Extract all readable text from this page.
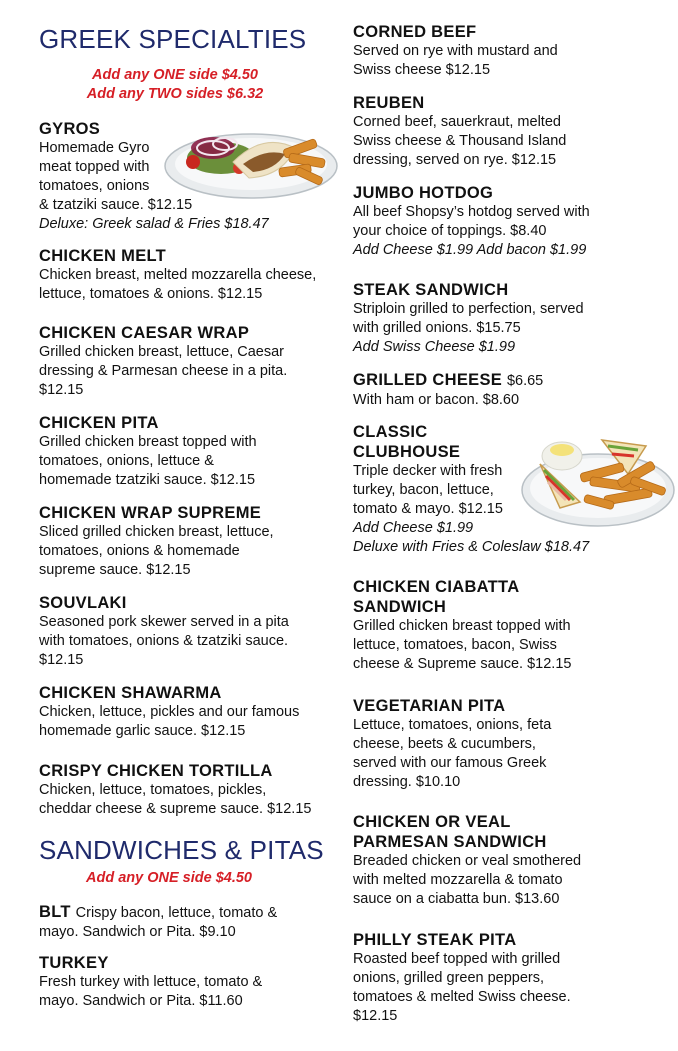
GREEK SPECIALTIES
Add any ONE side $4.50
Add any TWO sides $6.32
GYROS
Homemade Gyro
meat topped with
tomatoes, onions
& tzatziki sauce. $12.15
Deluxe: Greek salad & Fries $18.47
CHICKEN MELT
Chicken breast, melted mozzarella cheese,
lettuce, tomatoes & onions. $12.15
CHICKEN CAESAR WRAP
Grilled chicken breast, lettuce, Caesar
dressing & Parmesan cheese in a pita.
$12.15
CHICKEN PITA
Grilled chicken breast topped with
tomatoes, onions, lettuce &
homemade tzatziki sauce. $12.15
CHICKEN WRAP SUPREME
Sliced grilled chicken breast, lettuce,
tomatoes, onions & homemade
supreme sauce. $12.15
SOUVLAKI
Seasoned pork skewer served in a pita
with tomatoes, onions & tzatziki sauce.
$12.15
CHICKEN SHAWARMA
Chicken, lettuce, pickles and our famous
homemade garlic sauce. $12.15
CRISPY CHICKEN TORTILLA
Chicken, lettuce, tomatoes, pickles,
cheddar cheese & supreme sauce. $12.15
SANDWICHES & PITAS
Add any ONE side $4.50
BLT Crispy bacon, lettuce, tomato &
mayo. Sandwich or Pita. $9.10
TURKEY
Fresh turkey with lettuce, tomato &
mayo. Sandwich or Pita. $11.60
CORNED BEEF
Served on rye with mustard and
Swiss cheese $12.15
REUBEN
Corned beef, sauerkraut, melted
Swiss cheese & Thousand Island
dressing, served on rye. $12.15
JUMBO HOTDOG
All beef Shopsy’s hotdog served with
your choice of toppings. $8.40
Add Cheese $1.99 Add bacon $1.99
STEAK SANDWICH
Striploin grilled to perfection, served
with grilled onions. $15.75
Add Swiss Cheese $1.99
GRILLED CHEESE $6.65
With ham or bacon. $8.60
CLASSIC
CLUBHOUSE
Triple decker with fresh
turkey, bacon, lettuce,
tomato & mayo. $12.15
Add Cheese $1.99
Deluxe with Fries & Coleslaw $18.47
CHICKEN CIABATTA
SANDWICH
Grilled chicken breast topped with
lettuce, tomatoes, bacon, Swiss
cheese & Supreme sauce. $12.15
VEGETARIAN PITA
Lettuce, tomatoes, onions, feta
cheese, beets & cucumbers,
served with our famous Greek
dressing. $10.10
CHICKEN OR VEAL
PARMESAN SANDWICH
Breaded chicken or veal smothered
with melted mozzarella & tomato
sauce on a ciabatta bun. $13.60
PHILLY STEAK PITA
Roasted beef topped with grilled
onions, grilled green peppers,
tomatoes & melted Swiss cheese.
$12.15
